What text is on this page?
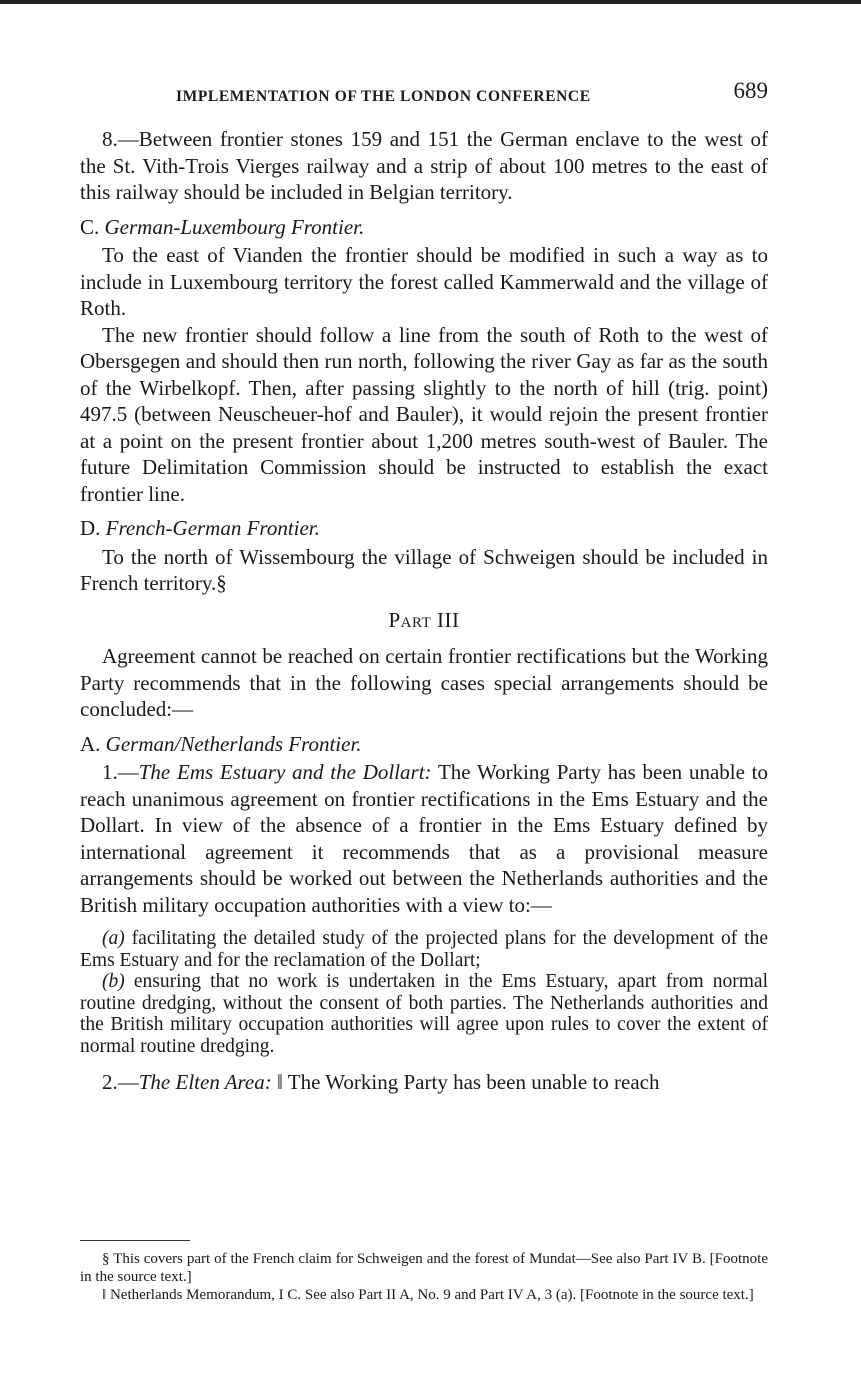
IMPLEMENTATION OF THE LONDON CONFERENCE	689

8.—Between frontier stones 159 and 151 the German enclave to the west of the St. Vith-Trois Vierges railway and a strip of about 100 metres to the east of this railway should be included in Belgian territory.

C. German-Luxembourg Frontier.

To the east of Vianden the frontier should be modified in such a way as to include in Luxembourg territory the forest called Kammerwald and the village of Roth.

The new frontier should follow a line from the south of Roth to the west of Obersgegen and should then run north, following the river Gay as far as the south of the Wirbelkopf. Then, after passing slightly to the north of hill (trig. point) 497.5 (between Neuscheuer-hof and Bauler), it would rejoin the present frontier at a point on the present frontier about 1,200 metres south-west of Bauler. The future Delimitation Commission should be instructed to establish the exact frontier line.

D. French-German Frontier.

To the north of Wissembourg the village of Schweigen should be included in French territory.§

Part III

Agreement cannot be reached on certain frontier rectifications but the Working Party recommends that in the following cases special arrangements should be concluded:—

A. German/Netherlands Frontier.

1.—The Ems Estuary and the Dollart: The Working Party has been unable to reach unanimous agreement on frontier rectifications in the Ems Estuary and the Dollart. In view of the absence of a frontier in the Ems Estuary defined by international agreement it recommends that as a provisional measure arrangements should be worked out between the Netherlands authorities and the British military occupation authorities with a view to:—

(a) facilitating the detailed study of the projected plans for the development of the Ems Estuary and for the reclamation of the Dollart;

(b) ensuring that no work is undertaken in the Ems Estuary, apart from normal routine dredging, without the consent of both parties. The Netherlands authorities and the British military occupation authorities will agree upon rules to cover the extent of normal routine dredging.

2.—The Elten Area: ‖ The Working Party has been unable to reach

§ This covers part of the French claim for Schweigen and the forest of Mundat—See also Part IV B. [Footnote in the source text.]

‖ Netherlands Memorandum, I C. See also Part II A, No. 9 and Part IV A, 3 (a). [Footnote in the source text.]
